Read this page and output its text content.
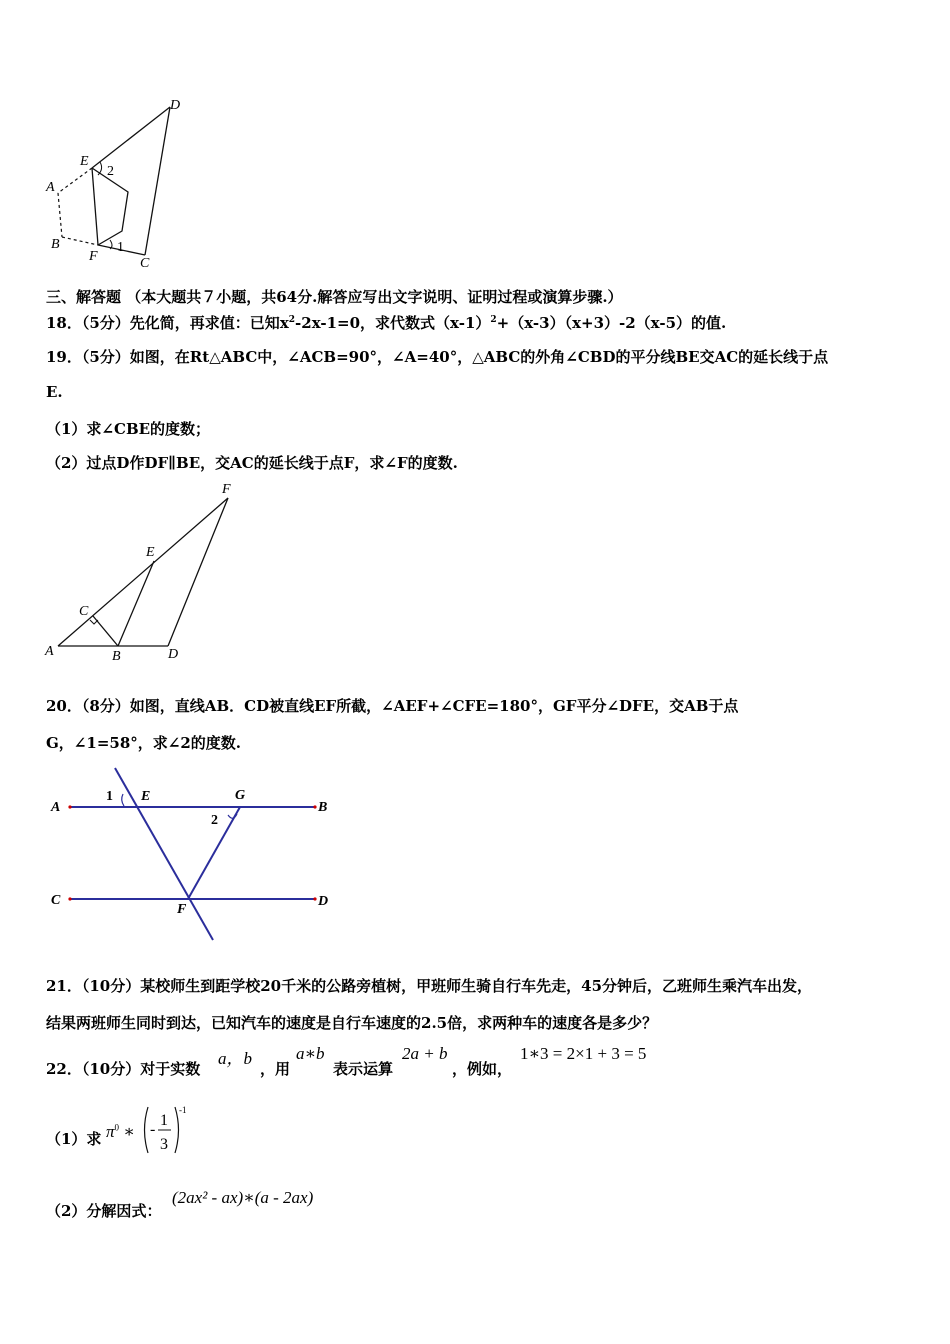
D
E
2
A
B
F
1
C
三、解答题 （本大题共７小题，共64分.解答应写出文字说明、证明过程或演算步骤.）
18．（5分）先化简，再求值：已知$x^2-2x-1=0$，求代数式$(x-1)^2+(x-3)(x+3)-2(x-5)$的值.
19．（5分）如图，在Rt△ABC中，∠ACB=90°，∠A=40°，△ABC的外角∠CBD的平分线BE交AC的延长线于点
E.
（1）求∠CBE的度数；
（2）过点D作DF∥BE，交AC的延长线于点F，求∠F的度数.
F
E
C
A	B	D
20．（8分）如图，直线AB．CD被直线EF所截，∠AEF+∠CFE=180°，GF平分∠DFE，交AB于点
G，∠1=58°，求∠2的度数.
A
1 E	G
B
2
C
F
D
21．（10分）某校师生到距学校20千米的公路旁植树，甲班师生骑自行车先走，45分钟后，乙班师生乘汽车出发，
结果两班师生同时到达，已知汽车的速度是自行车速度的2.5倍，求两种车的速度各是多少？
22．（10分）对于实数
a，b
，用
a∗b
表示运算
2a + b
，例如，
1∗3 = 2×1 + 3 = 5
（1）求 $\pi^0$ ∗ -
1
3
-1
（2）分解因式：
(2ax² - ax)∗(a - 2ax)
